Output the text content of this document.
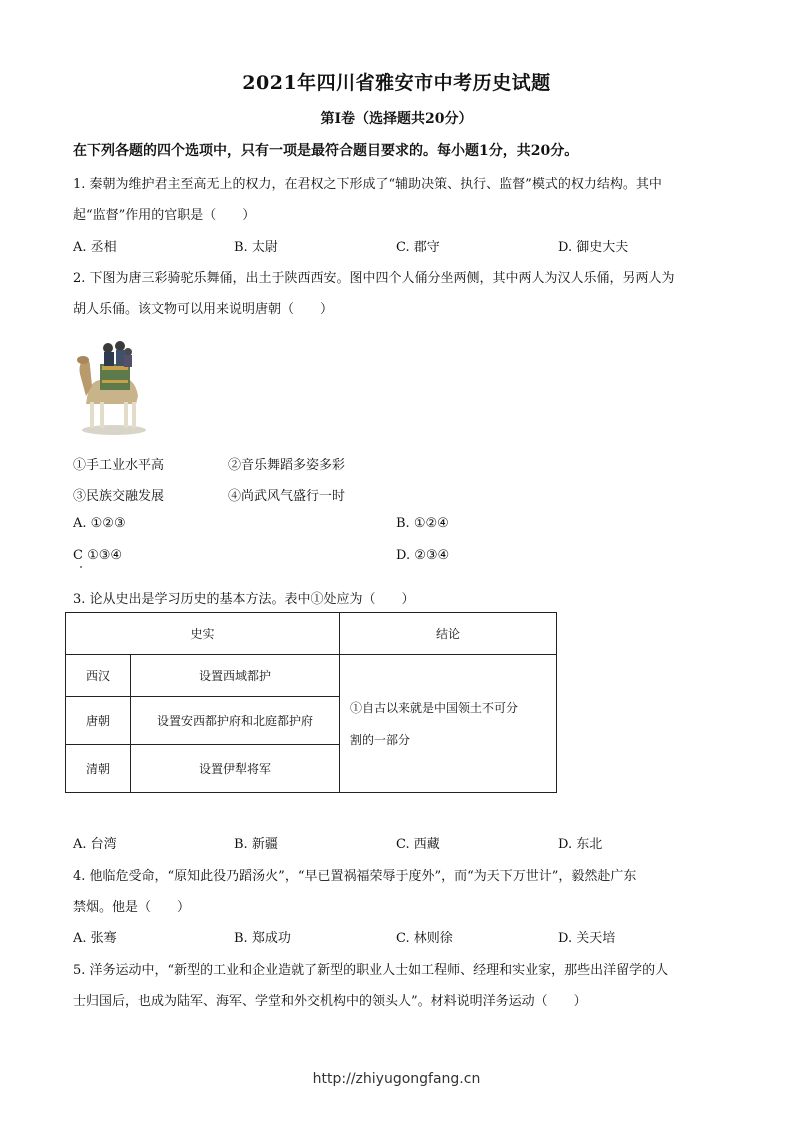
2021年四川省雅安市中考历史试题
第Ⅰ卷（选择题共20分）
在下列各题的四个选项中，只有一项是最符合题目要求的。每小题1分，共20分。
1. 秦朝为维护君主至高无上的权力，在君权之下形成了“辅助决策、执行、监督”模式的权力结构。其中
起“监督”作用的官职是（　　）
A. 丞相	B. 太尉	C. 郡守	D. 御史大夫
2. 下图为唐三彩骑驼乐舞俑，出土于陕西西安。图中四个人俑分坐两侧，其中两人为汉人乐俑，另两人为
胡人乐俑。该文物可以用来说明唐朝（　　）
①手工业水平高	②音乐舞蹈多姿多彩
③民族交融发展	④尚武风气盛行一时
A. ①②③	B. ①②④
C ①③④	D. ②③④
3. 论从史出是学习历史的基本方法。表中①处应为（　　）
史实		结论
西汉	设置西域都护	①自古以来就是中国领土不可分
割的一部分

唐朝	设置安西都护府和北庭都护府	
清朝	设置伊犁将军	
A. 台湾	B. 新疆	C. 西藏	D. 东北
4. 他临危受命，“原知此役乃蹈汤火”，“早已置祸福荣辱于度外”，而“为天下万世计”，毅然赴广东
禁烟。他是（　　）
A. 张骞	B. 郑成功	C. 林则徐	D. 关天培
5. 洋务运动中，“新型的工业和企业造就了新型的职业人士如工程师、经理和实业家，那些出洋留学的人
士归国后，也成为陆军、海军、学堂和外交机构中的领头人”。材料说明洋务运动（　　）
http://zhiyugongfang.cn
